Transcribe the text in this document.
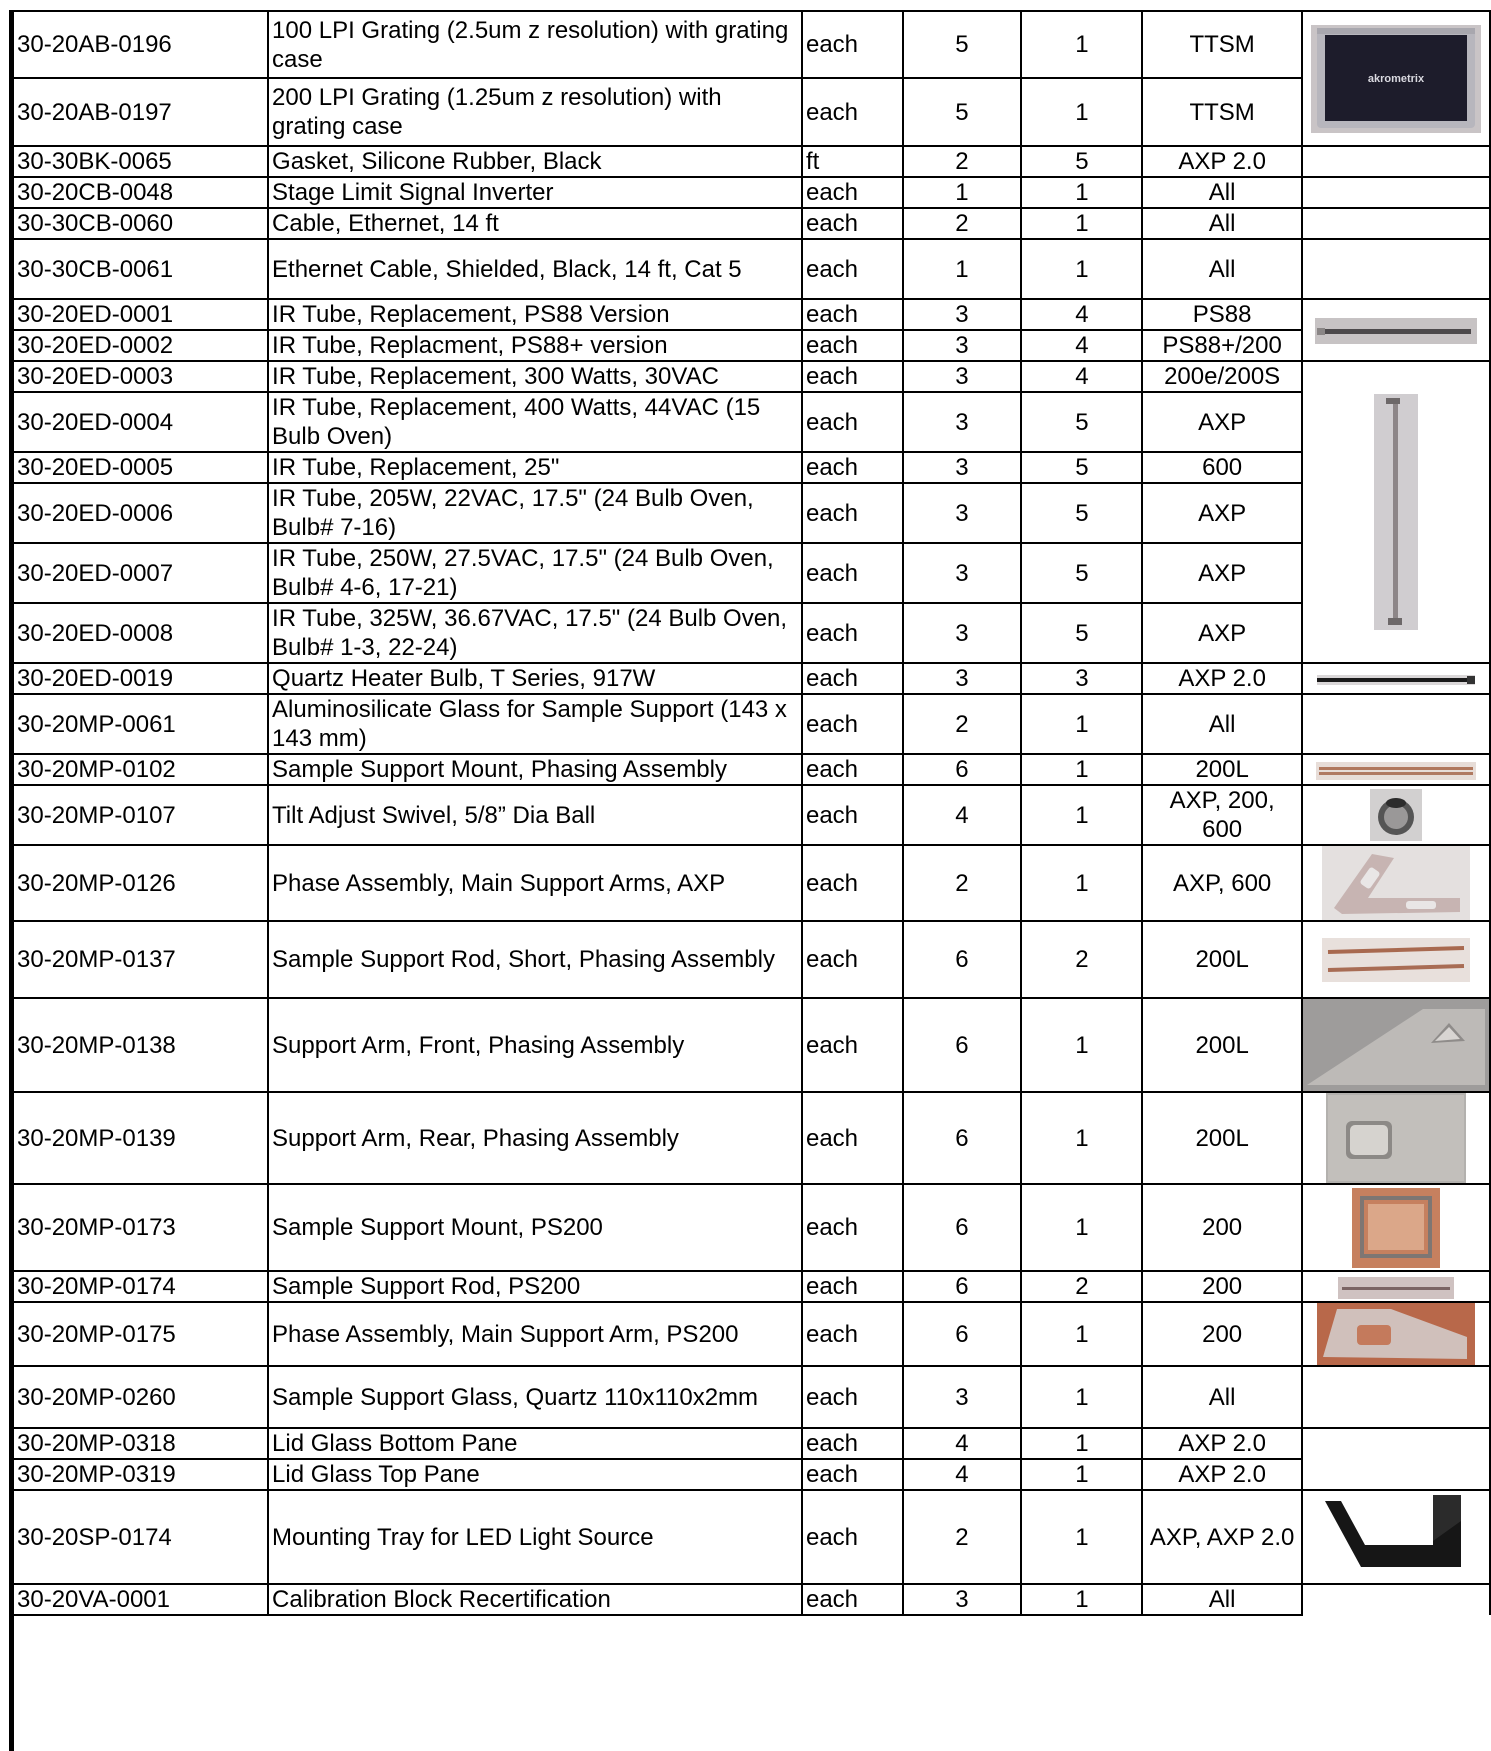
30-20AB-0196	100 LPI Grating (2.5um z resolution) with grating case	each	5	1	TTSM	akrometrix

30-20AB-0197	200 LPI Grating (1.25um z resolution) with grating case	each	5	1	TTSM	
30-30BK-0065	Gasket, Silicone Rubber, Black	ft	2	5	AXP 2.0	
30-20CB-0048	Stage Limit Signal Inverter	each	1	1	All	
30-30CB-0060	Cable, Ethernet, 14 ft	each	2	1	All	
30-30CB-0061	Ethernet Cable, Shielded, Black, 14 ft, Cat 5	each	1	1	All	
30-20ED-0001	IR Tube, Replacement, PS88 Version	each	3	4	PS88	

30-20ED-0002	IR Tube, Replacment, PS88+ version	each	3	4	PS88+/200	
30-20ED-0003	IR Tube, Replacement, 300 Watts, 30VAC	each	3	4	200e/200S	

30-20ED-0004	IR Tube, Replacement, 400 Watts, 44VAC (15 Bulb Oven)	each	3	5	AXP	
30-20ED-0005	IR Tube, Replacement, 25"	each	3	5	600	
30-20ED-0006	IR Tube, 205W, 22VAC, 17.5" (24 Bulb Oven, Bulb# 7-16)	each	3	5	AXP	
30-20ED-0007	IR Tube, 250W, 27.5VAC, 17.5" (24 Bulb Oven, Bulb# 4-6, 17-21)	each	3	5	AXP	
30-20ED-0008	IR Tube, 325W, 36.67VAC, 17.5" (24 Bulb Oven, Bulb# 1-3, 22-24)	each	3	5	AXP	
30-20ED-0019	Quartz Heater Bulb, T Series, 917W	each	3	3	AXP 2.0	

30-20MP-0061	Aluminosilicate Glass for Sample Support (143 x 143 mm)	each	2	1	All	
30-20MP-0102	Sample Support Mount, Phasing Assembly	each	6	1	200L	

30-20MP-0107	Tilt Adjust Swivel, 5/8” Dia Ball	each	4	1	AXP, 200, 600	

30-20MP-0126	Phase Assembly, Main Support Arms, AXP	each	2	1	AXP, 600	

30-20MP-0137	Sample Support Rod, Short, Phasing Assembly	each	6	2	200L	

30-20MP-0138	Support Arm, Front, Phasing Assembly	each	6	1	200L	

30-20MP-0139	Support Arm, Rear, Phasing Assembly	each	6	1	200L	

30-20MP-0173	Sample Support Mount, PS200	each	6	1	200	

30-20MP-0174	Sample Support Rod, PS200	each	6	2	200	

30-20MP-0175	Phase Assembly, Main Support Arm, PS200	each	6	1	200	

30-20MP-0260	Sample Support Glass, Quartz 110x110x2mm	each	3	1	All	
30-20MP-0318	Lid Glass Bottom Pane	each	4	1	AXP 2.0	
30-20MP-0319	Lid Glass Top Pane	each	4	1	AXP 2.0	
30-20SP-0174	Mounting Tray for LED Light Source	each	2	1	AXP, AXP 2.0	

30-20VA-0001	Calibration Block Recertification	each	3	1	All	
